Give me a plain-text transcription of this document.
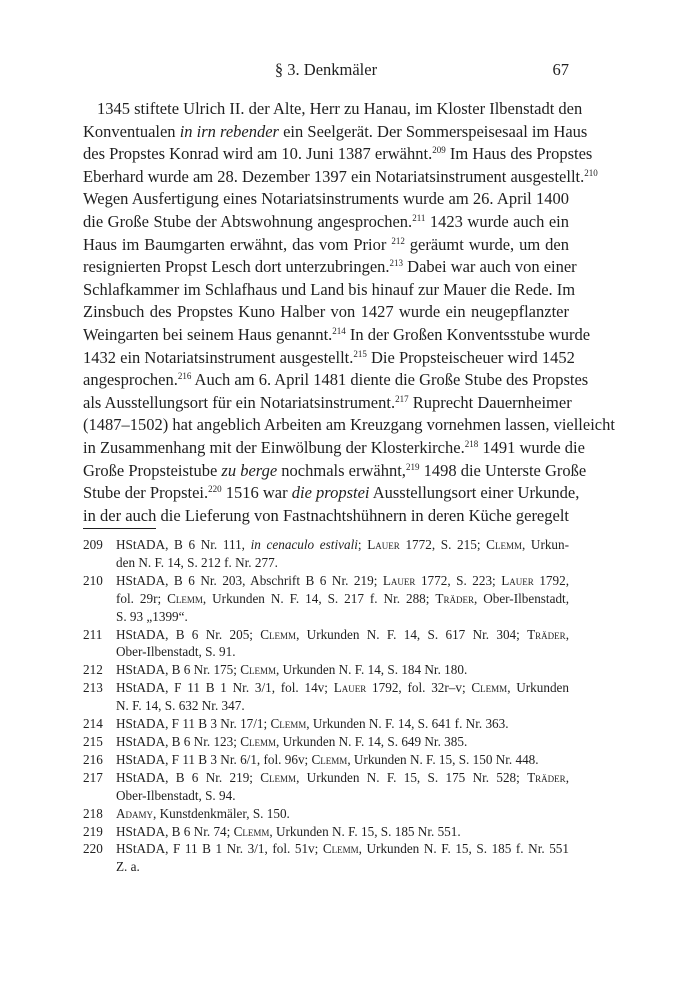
§ 3. Denkmäler	67
1345 stiftete Ulrich II. der Alte, Herr zu Hanau, im Kloster Ilbenstadt den
Konventualen in irn rebender ein Seelgerät. Der Sommerspeisesaal im Haus
des Propstes Konrad wird am 10. Juni 1387 erwähnt.$^{209}$ Im Haus des Propstes
Eberhard wurde am 28. Dezember 1397 ein Notariatsinstrument ausgestellt.$^{210}$
Wegen Ausfertigung eines Notariatsinstruments wurde am 26. April 1400
die Große Stube der Abtswohnung angesprochen.$^{211}$ 1423 wurde auch ein
Haus im Baumgarten erwähnt, das vom Prior $^{212}$ geräumt wurde, um den
resignierten Propst Lesch dort unterzubringen.$^{213}$ Dabei war auch von einer
Schlafkammer im Schlafhaus und Land bis hinauf zur Mauer die Rede. Im
Zinsbuch des Propstes Kuno Halber von 1427 wurde ein neugepflanzter
Weingarten bei seinem Haus genannt.$^{214}$ In der Großen Konventsstube wurde
1432 ein Notariatsinstrument ausgestellt.$^{215}$ Die Propsteischeuer wird 1452
angesprochen.$^{216}$ Auch am 6. April 1481 diente die Große Stube des Propstes
als Ausstellungsort für ein Notariatsinstrument.$^{217}$ Ruprecht Dauernheimer
(1487–1502) hat angeblich Arbeiten am Kreuzgang vornehmen lassen, vielleicht
in Zusammenhang mit der Einwölbung der Klosterkirche.$^{218}$ 1491 wurde die
Große Propsteistube zu berge nochmals erwähnt,$^{219}$ 1498 die Unterste Große
Stube der Propstei.$^{220}$ 1516 war die propstei Ausstellungsort einer Urkunde,
in der auch die Lieferung von Fastnachtshühnern in deren Küche geregelt
209 HStADA, B 6 Nr. 111, in cenaculo estivali; Lauer 1772, S. 215; Clemm, Urkun-
den N. F. 14, S. 212 f. Nr. 277.
210 HStADA, B 6 Nr. 203, Abschrift B 6 Nr. 219; Lauer 1772, S. 223; Lauer 1792,
fol. 29r; Clemm, Urkunden N. F. 14, S. 217 f. Nr. 288; Träder, Ober-Ilbenstadt,
S. 93 „1399“.
211 HStADA, B 6 Nr. 205; Clemm, Urkunden N. F. 14, S. 617 Nr. 304; Träder,
Ober-Ilbenstadt, S. 91.
212 HStADA, B 6 Nr. 175; Clemm, Urkunden N. F. 14, S. 184 Nr. 180.
213 HStADA, F 11 B 1 Nr. 3/1, fol. 14v; Lauer 1792, fol. 32r–v; Clemm, Urkunden
N. F. 14, S. 632 Nr. 347.
214 HStADA, F 11 B 3 Nr. 17/1; Clemm, Urkunden N. F. 14, S. 641 f. Nr. 363.
215 HStADA, B 6 Nr. 123; Clemm, Urkunden N. F. 14, S. 649 Nr. 385.
216 HStADA, F 11 B 3 Nr. 6/1, fol. 96v; Clemm, Urkunden N. F. 15, S. 150 Nr. 448.
217 HStADA, B 6 Nr. 219; Clemm, Urkunden N. F. 15, S. 175 Nr. 528; Träder,
Ober-Ilbenstadt, S. 94.
218 Adamy, Kunstdenkmäler, S. 150.
219 HStADA, B 6 Nr. 74; Clemm, Urkunden N. F. 15, S. 185 Nr. 551.
220 HStADA, F 11 B 1 Nr. 3/1, fol. 51v; Clemm, Urkunden N. F. 15, S. 185 f. Nr. 551
Z. a.
